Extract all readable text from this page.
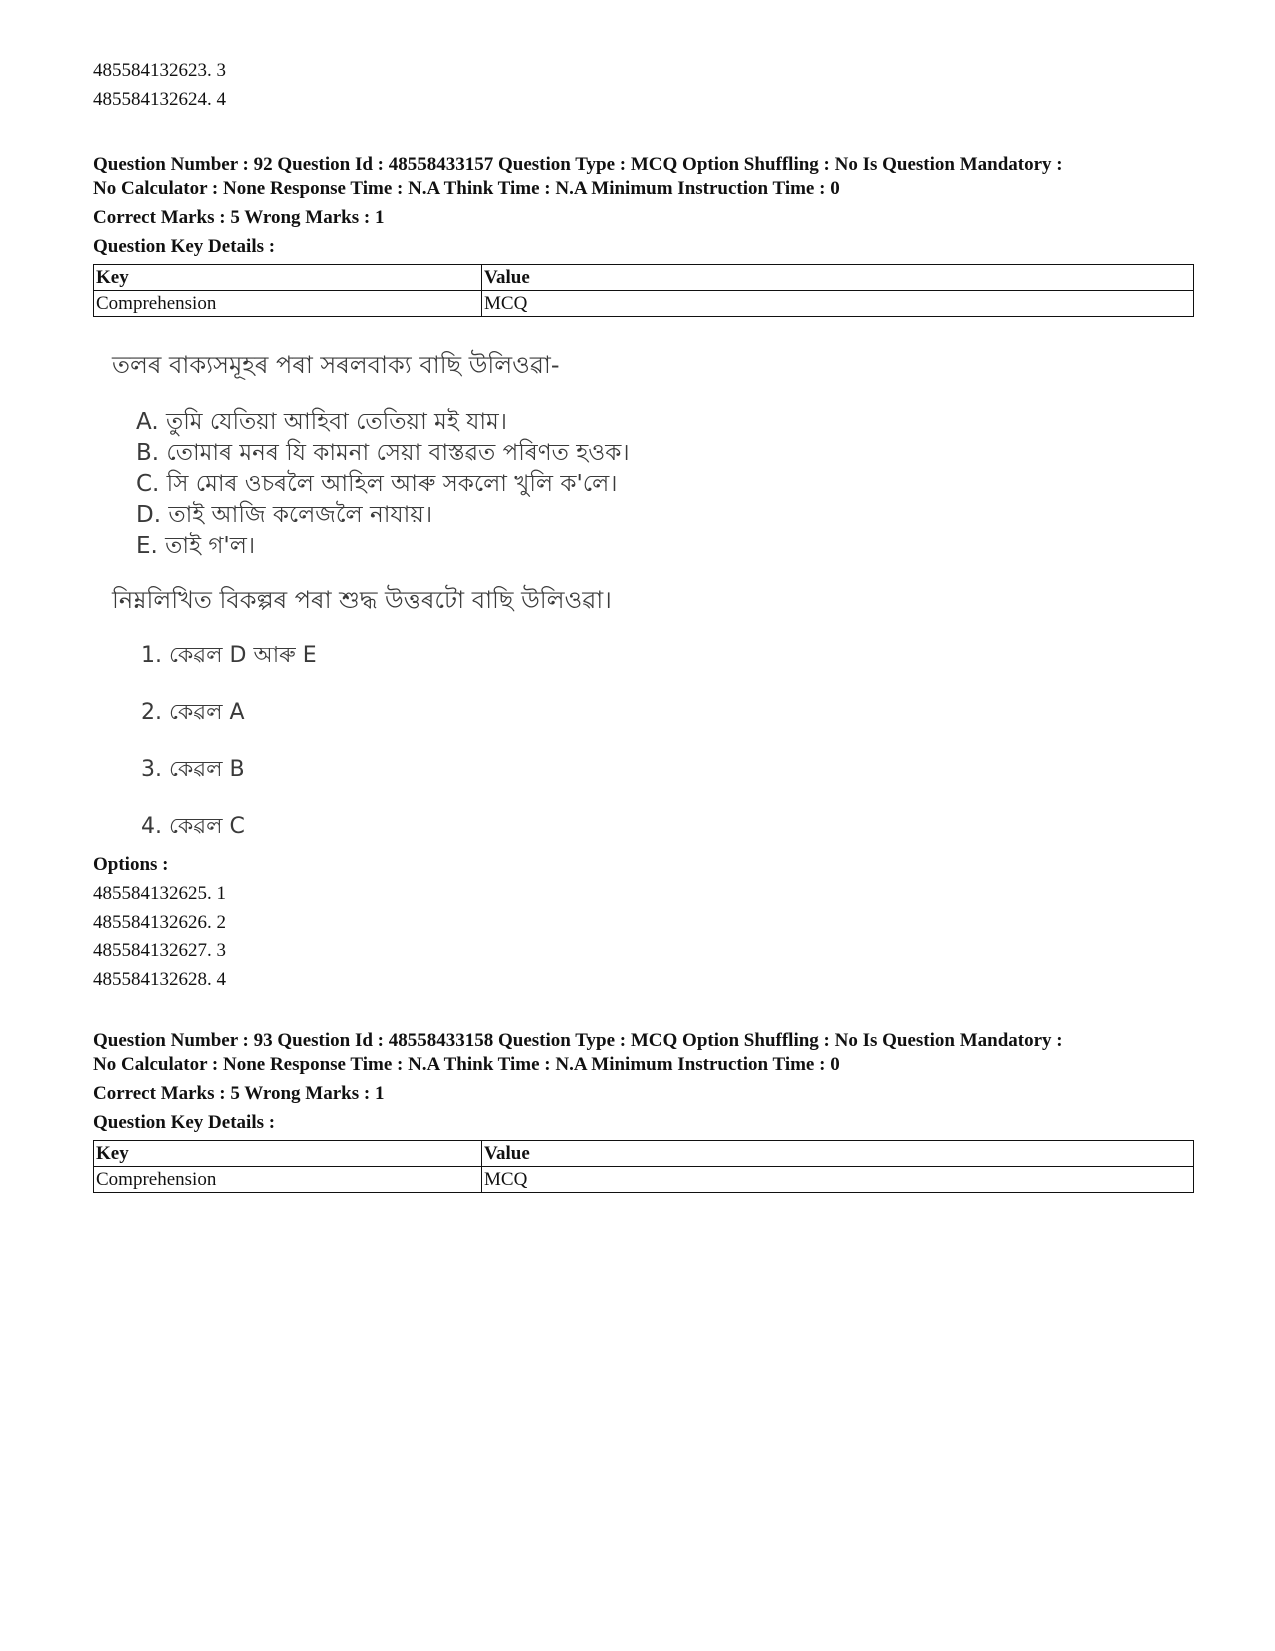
485584132623. 3
485584132624. 4
Question Number : 92 Question Id : 48558433157 Question Type : MCQ Option Shuffling : No Is Question Mandatory :
No Calculator : None Response Time : N.A Think Time : N.A Minimum Instruction Time : 0
Correct Marks : 5 Wrong Marks : 1
Question Key Details :
Key	Value
Comprehension	MCQ
তলৰ বাক্যসমূহৰ পৰা সৰলবাক্য বাছি উলিওৱা-
A. তুমি যেতিয়া আহিবা তেতিয়া মই যাম।
B. তোমাৰ মনৰ যি কামনা সেয়া বাস্তৱত পৰিণত হওক।
C. সি মোৰ ওচৰলৈ আহিল আৰু সকলো খুলি ক'লে।
D. তাই আজি কলেজলৈ নাযায়।
E. তাই গ'ল।
নিম্নলিখিত বিকল্পৰ পৰা শুদ্ধ উত্তৰটো বাছি উলিওৱা।
1. কেৱল D আৰু E
2. কেৱল A
3. কেৱল B
4. কেৱল C
Options :
485584132625. 1
485584132626. 2
485584132627. 3
485584132628. 4
Question Number : 93 Question Id : 48558433158 Question Type : MCQ Option Shuffling : No Is Question Mandatory :
No Calculator : None Response Time : N.A Think Time : N.A Minimum Instruction Time : 0
Correct Marks : 5 Wrong Marks : 1
Question Key Details :
Key	Value
Comprehension	MCQ
